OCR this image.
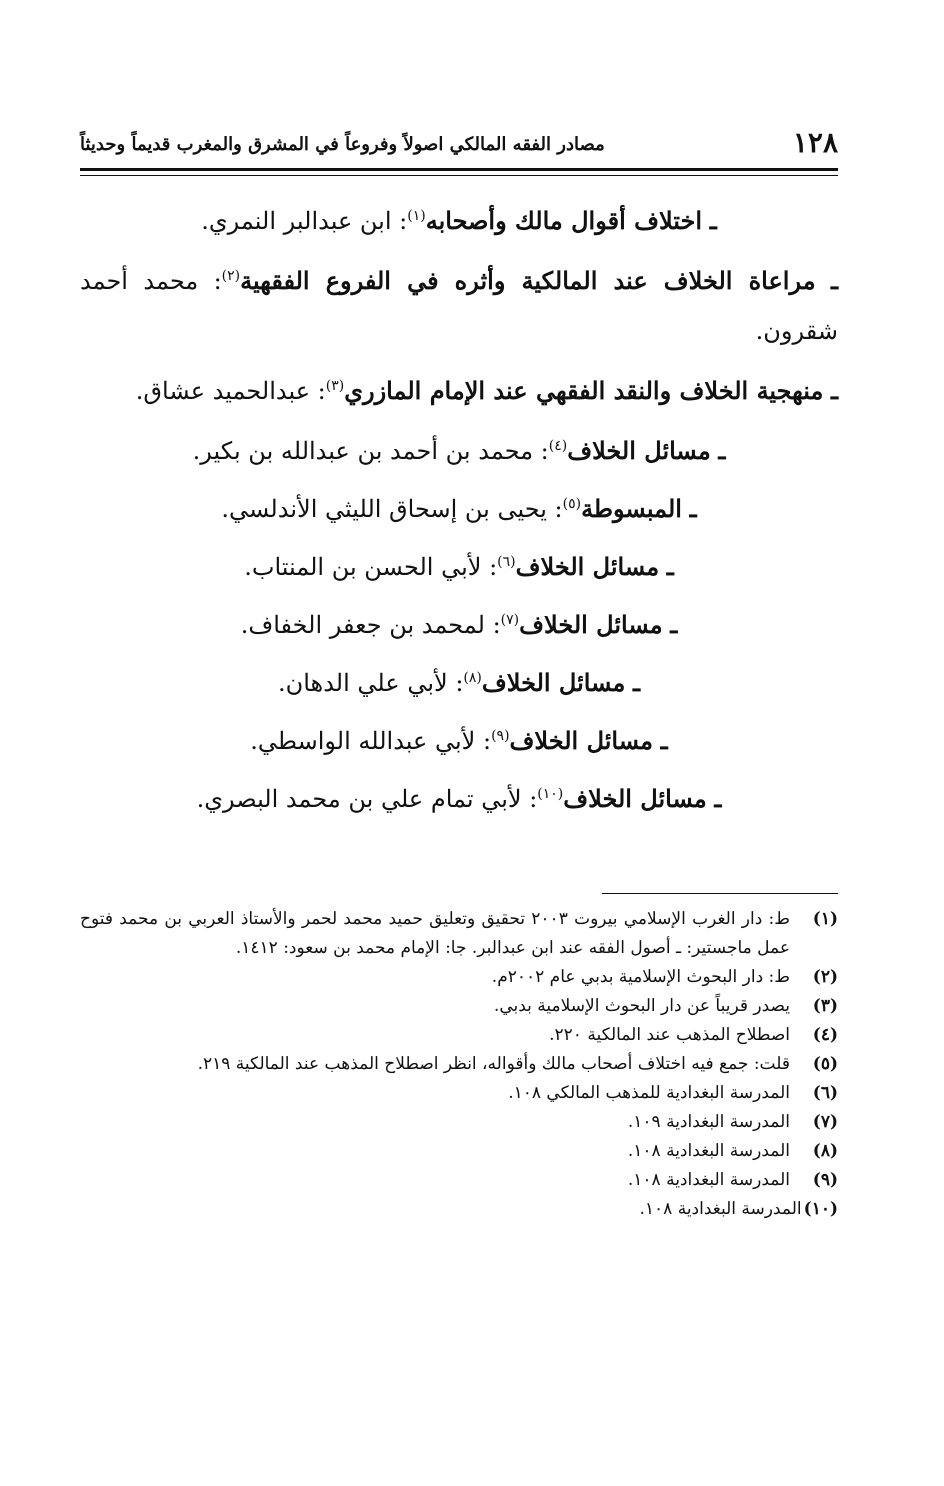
١٢٨
مصادر الفقه المالكي اصولاً وفروعاً في المشرق والمغرب قديماً وحديثاً

ـ اختلاف أقوال مالك وأصحابه$^{(١)}$: ابن عبدالبر النمري.

ـ مراعاة الخلاف عند المالكية وأثره في الفروع الفقهية$^{(٢)}$: محمد أحمد شقرون.

ـ منهجية الخلاف والنقد الفقهي عند الإمام المازري$^{(٣)}$: عبدالحميد عشاق.

ـ مسائل الخلاف$^{(٤)}$: محمد بن أحمد بن عبدالله بن بكير.

ـ المبسوطة$^{(٥)}$: يحيى بن إسحاق الليثي الأندلسي.

ـ مسائل الخلاف$^{(٦)}$: لأبي الحسن بن المنتاب.

ـ مسائل الخلاف$^{(٧)}$: لمحمد بن جعفر الخفاف.

ـ مسائل الخلاف$^{(٨)}$: لأبي علي الدهان.

ـ مسائل الخلاف$^{(٩)}$: لأبي عبدالله الواسطي.

ـ مسائل الخلاف$^{(١٠)}$: لأبي تمام علي بن محمد البصري.

(١)
ط: دار الغرب الإسلامي بيروت ٢٠٠٣ تحقيق وتعليق حميد محمد لحمر والأستاذ العربي بن محمد فتوح عمل ماجستير: ـ أصول الفقه عند ابن عبدالبر. جا: الإمام محمد بن سعود: ١٤١٢.
(٢)
ط: دار البحوث الإسلامية بدبي عام ٢٠٠٢م.
(٣)
يصدر قريباً عن دار البحوث الإسلامية بدبي.
(٤)
اصطلاح المذهب عند المالكية ٢٢٠.
(٥)
قلت: جمع فيه اختلاف أصحاب مالك وأقواله، انظر اصطلاح المذهب عند المالكية ٢١٩.
(٦)
المدرسة البغدادية للمذهب المالكي ١٠٨.
(٧)
المدرسة البغدادية ١٠٩.
(٨)
المدرسة البغدادية ١٠٨.
(٩)
المدرسة البغدادية ١٠٨.
(١٠)
المدرسة البغدادية ١٠٨.
